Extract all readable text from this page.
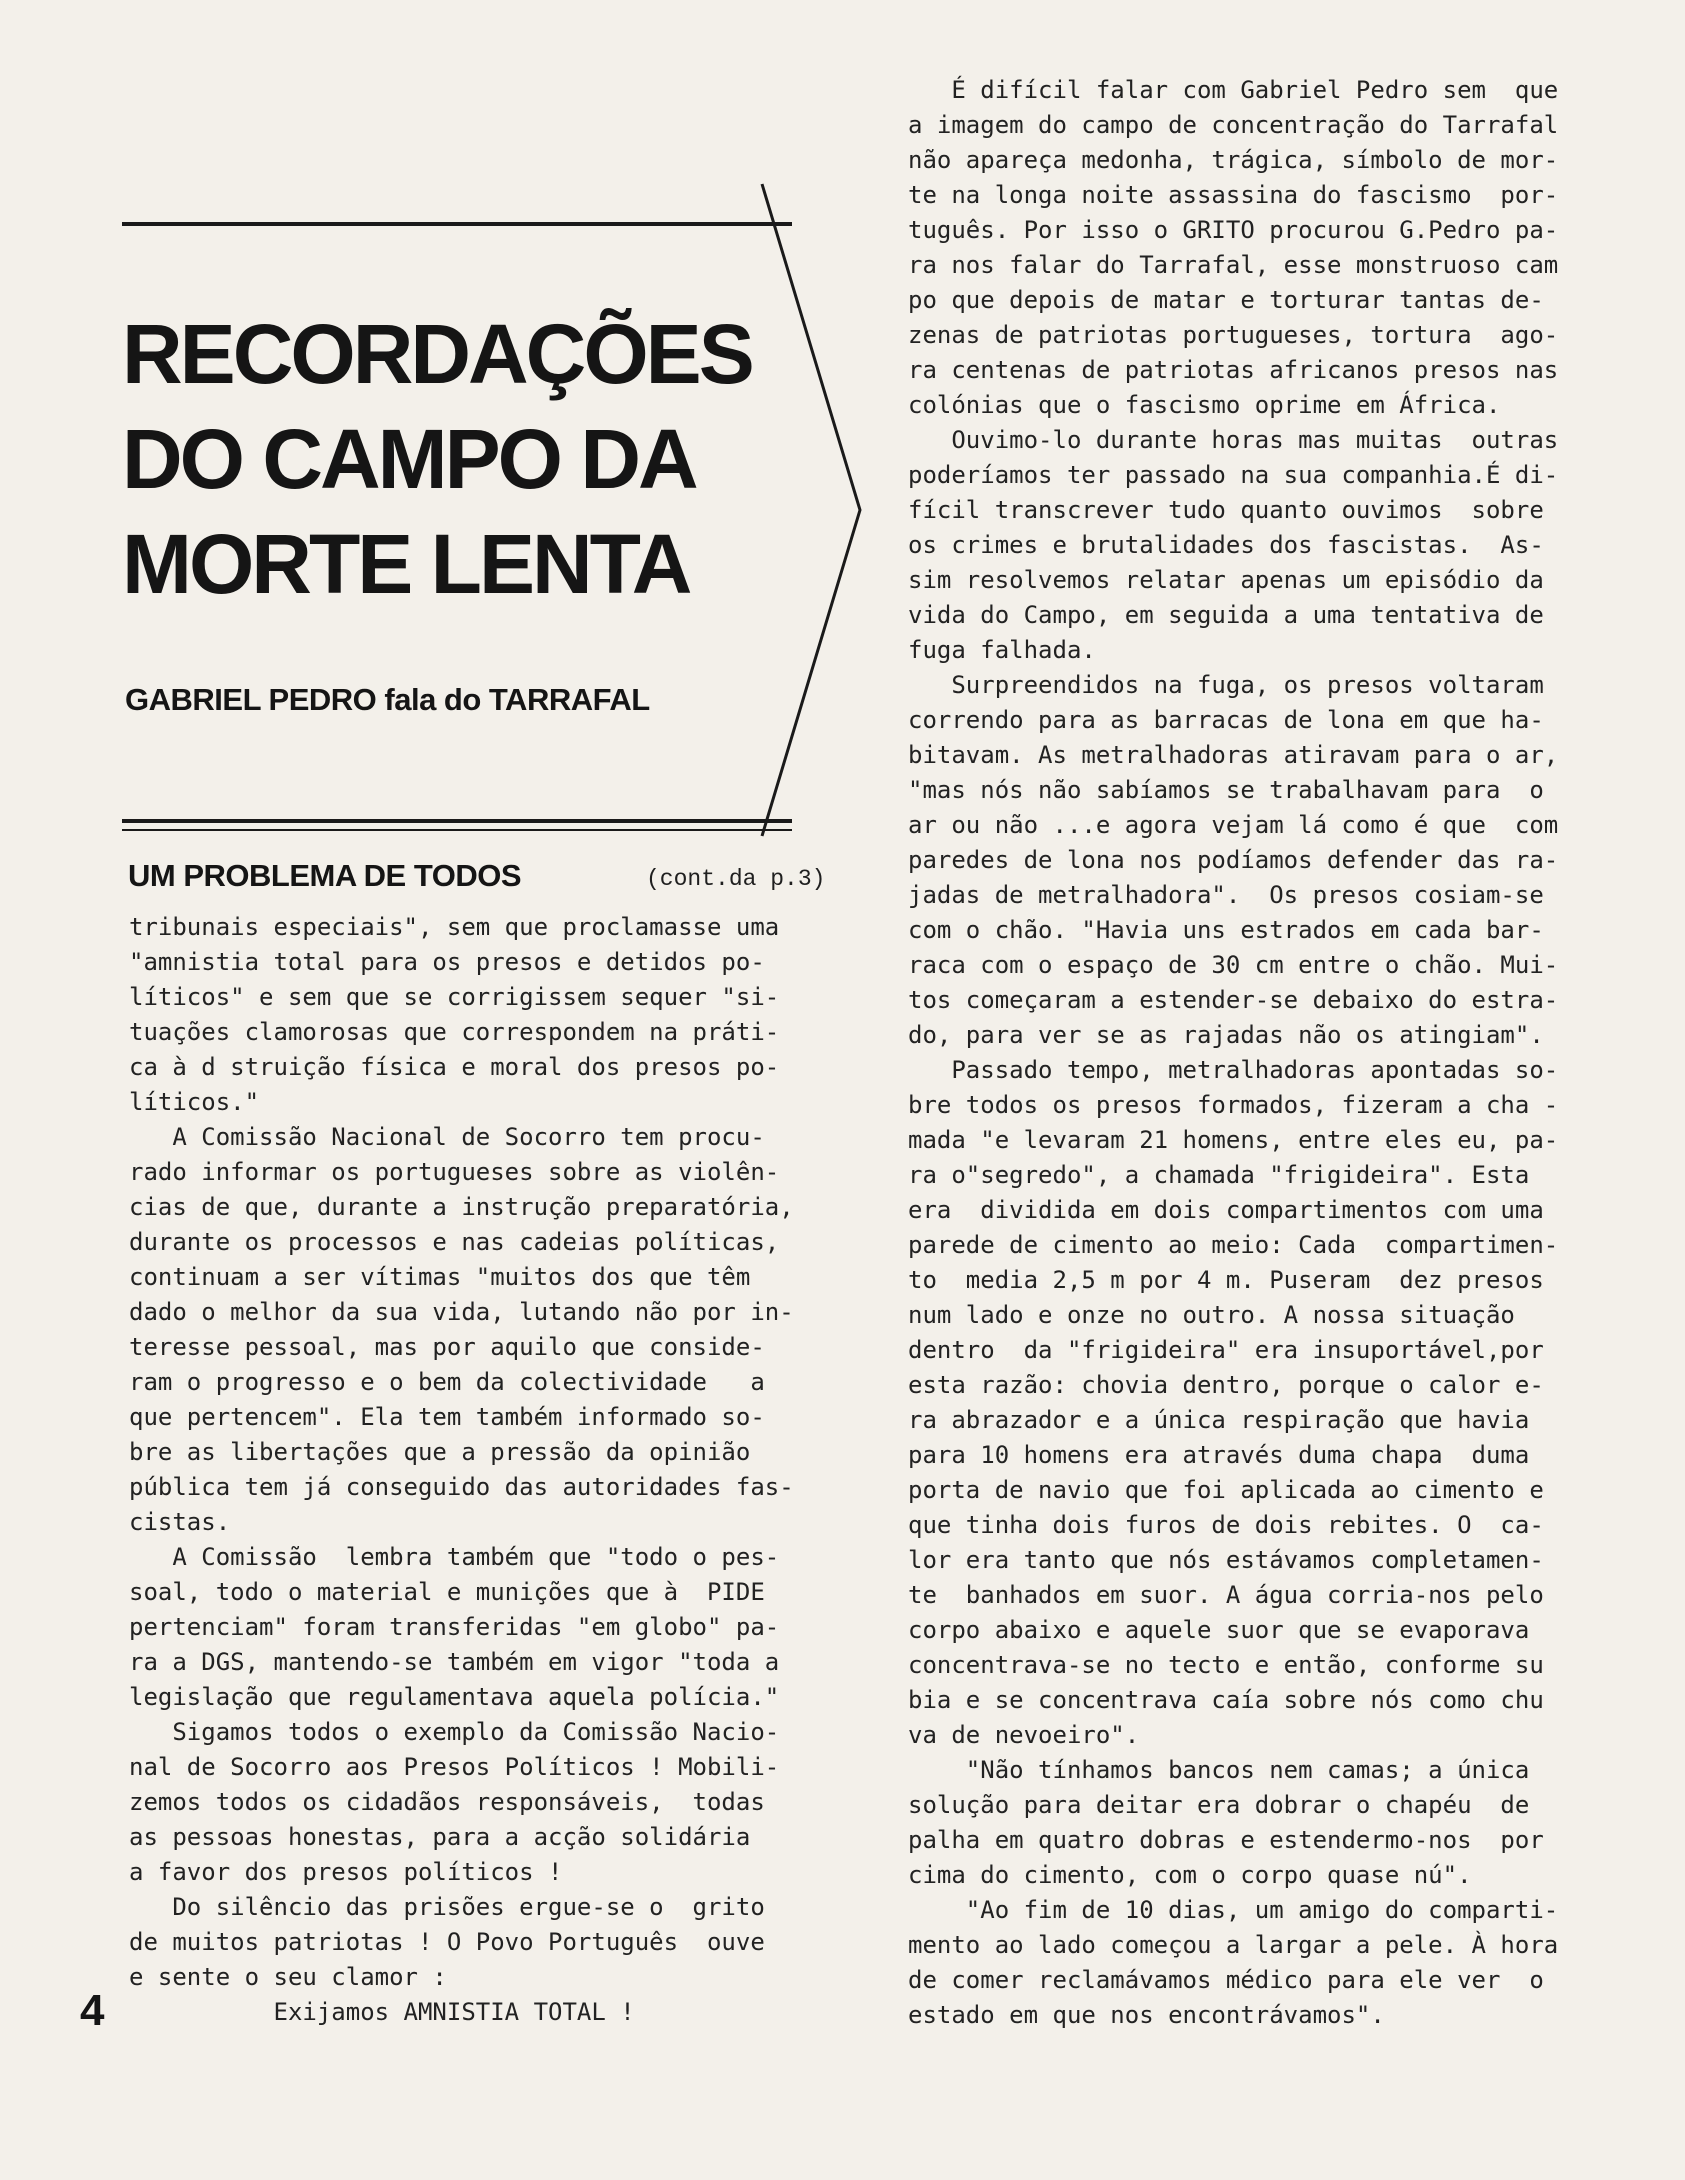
RECORDAÇÕES
DO CAMPO DA
MORTE LENTA
GABRIEL PEDRO fala do TARRAFAL
UM PROBLEMA DE TODOS	(cont.da p.3)
tribunais especiais", sem que proclamasse uma
"amnistia total para os presos e detidos po-
líticos" e sem que se corrigissem sequer "si-
tuações clamorosas que correspondem na práti-
ca à d struição física e moral dos presos po-
líticos."
A Comissão Nacional de Socorro tem procu-
rado informar os portugueses sobre as violên-
cias de que, durante a instrução preparatória,
durante os processos e nas cadeias políticas,
continuam a ser vítimas "muitos dos que têm
dado o melhor da sua vida, lutando não por in-
teresse pessoal, mas por aquilo que conside-
ram o progresso e o bem da colectividade   a
que pertencem". Ela tem também informado so-
bre as libertações que a pressão da opinião
pública tem já conseguido das autoridades fas-
cistas.
A Comissão  lembra também que "todo o pes-
soal, todo o material e munições que à  PIDE
pertenciam" foram transferidas "em globo" pa-
ra a DGS, mantendo-se também em vigor "toda a
legislação que regulamentava aquela polícia."
Sigamos todos o exemplo da Comissão Nacio-
nal de Socorro aos Presos Políticos ! Mobili-
zemos todos os cidadãos responsáveis,  todas
as pessoas honestas, para a acção solidária
a favor dos presos políticos !
Do silêncio das prisões ergue-se o  grito
de muitos patriotas ! O Povo Português  ouve
e sente o seu clamor :
Exijamos AMNISTIA TOTAL !
É difícil falar com Gabriel Pedro sem  que
a imagem do campo de concentração do Tarrafal
não apareça medonha, trágica, símbolo de mor-
te na longa noite assassina do fascismo  por-
tuguês. Por isso o GRITO procurou G.Pedro pa-
ra nos falar do Tarrafal, esse monstruoso cam
po que depois de matar e torturar tantas de-
zenas de patriotas portugueses, tortura  ago-
ra centenas de patriotas africanos presos nas
colónias que o fascismo oprime em África.
Ouvimo-lo durante horas mas muitas  outras
poderíamos ter passado na sua companhia.É di-
fícil transcrever tudo quanto ouvimos  sobre
os crimes e brutalidades dos fascistas.  As-
sim resolvemos relatar apenas um episódio da
vida do Campo, em seguida a uma tentativa de
fuga falhada.
Surpreendidos na fuga, os presos voltaram
correndo para as barracas de lona em que ha-
bitavam. As metralhadoras atiravam para o ar,
"mas nós não sabíamos se trabalhavam para  o
ar ou não ...e agora vejam lá como é que  com
paredes de lona nos podíamos defender das ra-
jadas de metralhadora".  Os presos cosiam-se
com o chão. "Havia uns estrados em cada bar-
raca com o espaço de 30 cm entre o chão. Mui-
tos começaram a estender-se debaixo do estra-
do, para ver se as rajadas não os atingiam".
Passado tempo, metralhadoras apontadas so-
bre todos os presos formados, fizeram a cha -
mada "e levaram 21 homens, entre eles eu, pa-
ra o"segredo", a chamada "frigideira". Esta
era  dividida em dois compartimentos com uma
parede de cimento ao meio: Cada  compartimen-
to  media 2,5 m por 4 m. Puseram  dez presos
num lado e onze no outro. A nossa situação
dentro  da "frigideira" era insuportável,por
esta razão: chovia dentro, porque o calor e-
ra abrazador e a única respiração que havia
para 10 homens era através duma chapa  duma
porta de navio que foi aplicada ao cimento e
que tinha dois furos de dois rebites. O  ca-
lor era tanto que nós estávamos completamen-
te  banhados em suor. A água corria-nos pelo
corpo abaixo e aquele suor que se evaporava
concentrava-se no tecto e então, conforme su
bia e se concentrava caía sobre nós como chu
va de nevoeiro".
"Não tínhamos bancos nem camas; a única
solução para deitar era dobrar o chapéu  de
palha em quatro dobras e estendermo-nos  por
cima do cimento, com o corpo quase nú".
"Ao fim de 10 dias, um amigo do comparti-
mento ao lado começou a largar a pele. À hora
de comer reclamávamos médico para ele ver  o
estado em que nos encontrávamos".
4
